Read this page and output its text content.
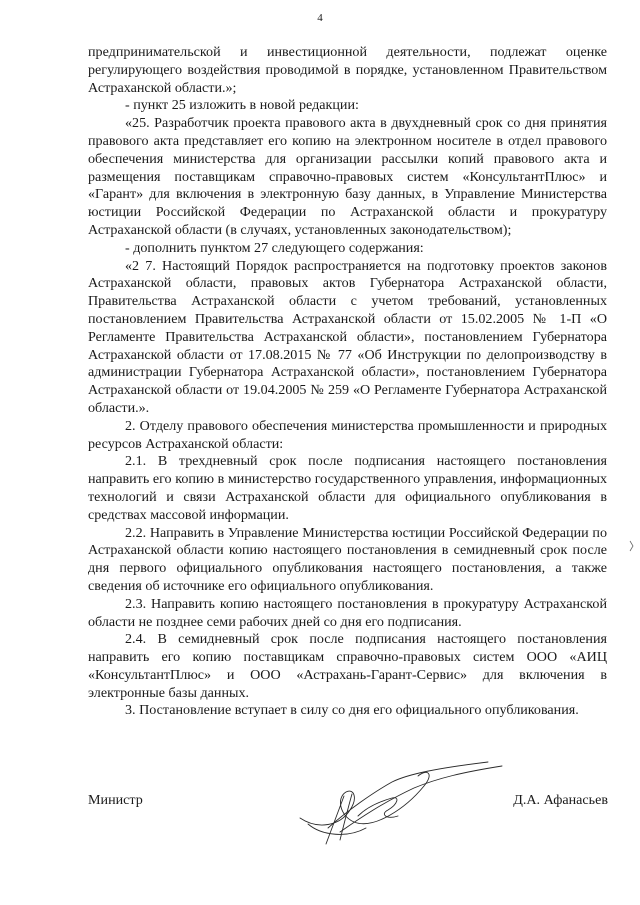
4

предпринимательской и инвестиционной деятельности, подлежат оценке регулирующего воздействия проводимой в порядке, установленном Правительством Астраханской области.»;

- пункт 25 изложить в новой редакции:

«25. Разработчик проекта правового акта в двухдневный срок со дня принятия правового акта представляет его копию на электронном носителе в отдел правового обеспечения министерства для организации рассылки копий правового акта и размещения поставщикам справочно-правовых систем «КонсультантПлюс» и «Гарант» для включения в электронную базу данных, в Управление Министерства юстиции Российской Федерации по Астраханской области и прокуратуру Астраханской области (в случаях, установленных законодательством);

- дополнить пунктом 27 следующего содержания:

«2 7. Настоящий Порядок распространяется на подготовку проектов законов Астраханской области, правовых актов Губернатора Астраханской области, Правительства Астраханской области с учетом требований, установленных постановлением Правительства Астраханской области от 15.02.2005 № 1-П «О Регламенте Правительства Астраханской области», постановлением Губернатора Астраханской области от 17.08.2015 № 77 «Об Инструкции по делопроизводству в администрации Губернатора Астраханской области», постановлением Губернатора Астраханской области от 19.04.2005 № 259 «О Регламенте Губернатора Астраханской области.».

2. Отделу правового обеспечения министерства промышленности и природных ресурсов Астраханской области:

2.1. В трехдневный срок после подписания настоящего постановления направить его копию в министерство государственного управления, информационных технологий и связи Астраханской области для официального опубликования в средствах массовой информации.

2.2. Направить в Управление Министерства юстиции Российской Федерации по Астраханской области копию настоящего постановления в семидневный срок после дня первого официального опубликования настоящего постановления, а также сведения об источнике его официального опубликования.

2.3. Направить копию настоящего постановления в прокуратуру Астраханской области не позднее семи рабочих дней со дня его подписания.

2.4. В семидневный срок после подписания настоящего постановления направить его копию поставщикам справочно-правовых систем ООО «АИЦ «КонсультантПлюс» и ООО «Астрахань-Гарант-Сервис» для включения в электронные базы данных.

3. Постановление вступает в силу со дня его официального опубликования.

Министр	Д.А. Афанасьев
